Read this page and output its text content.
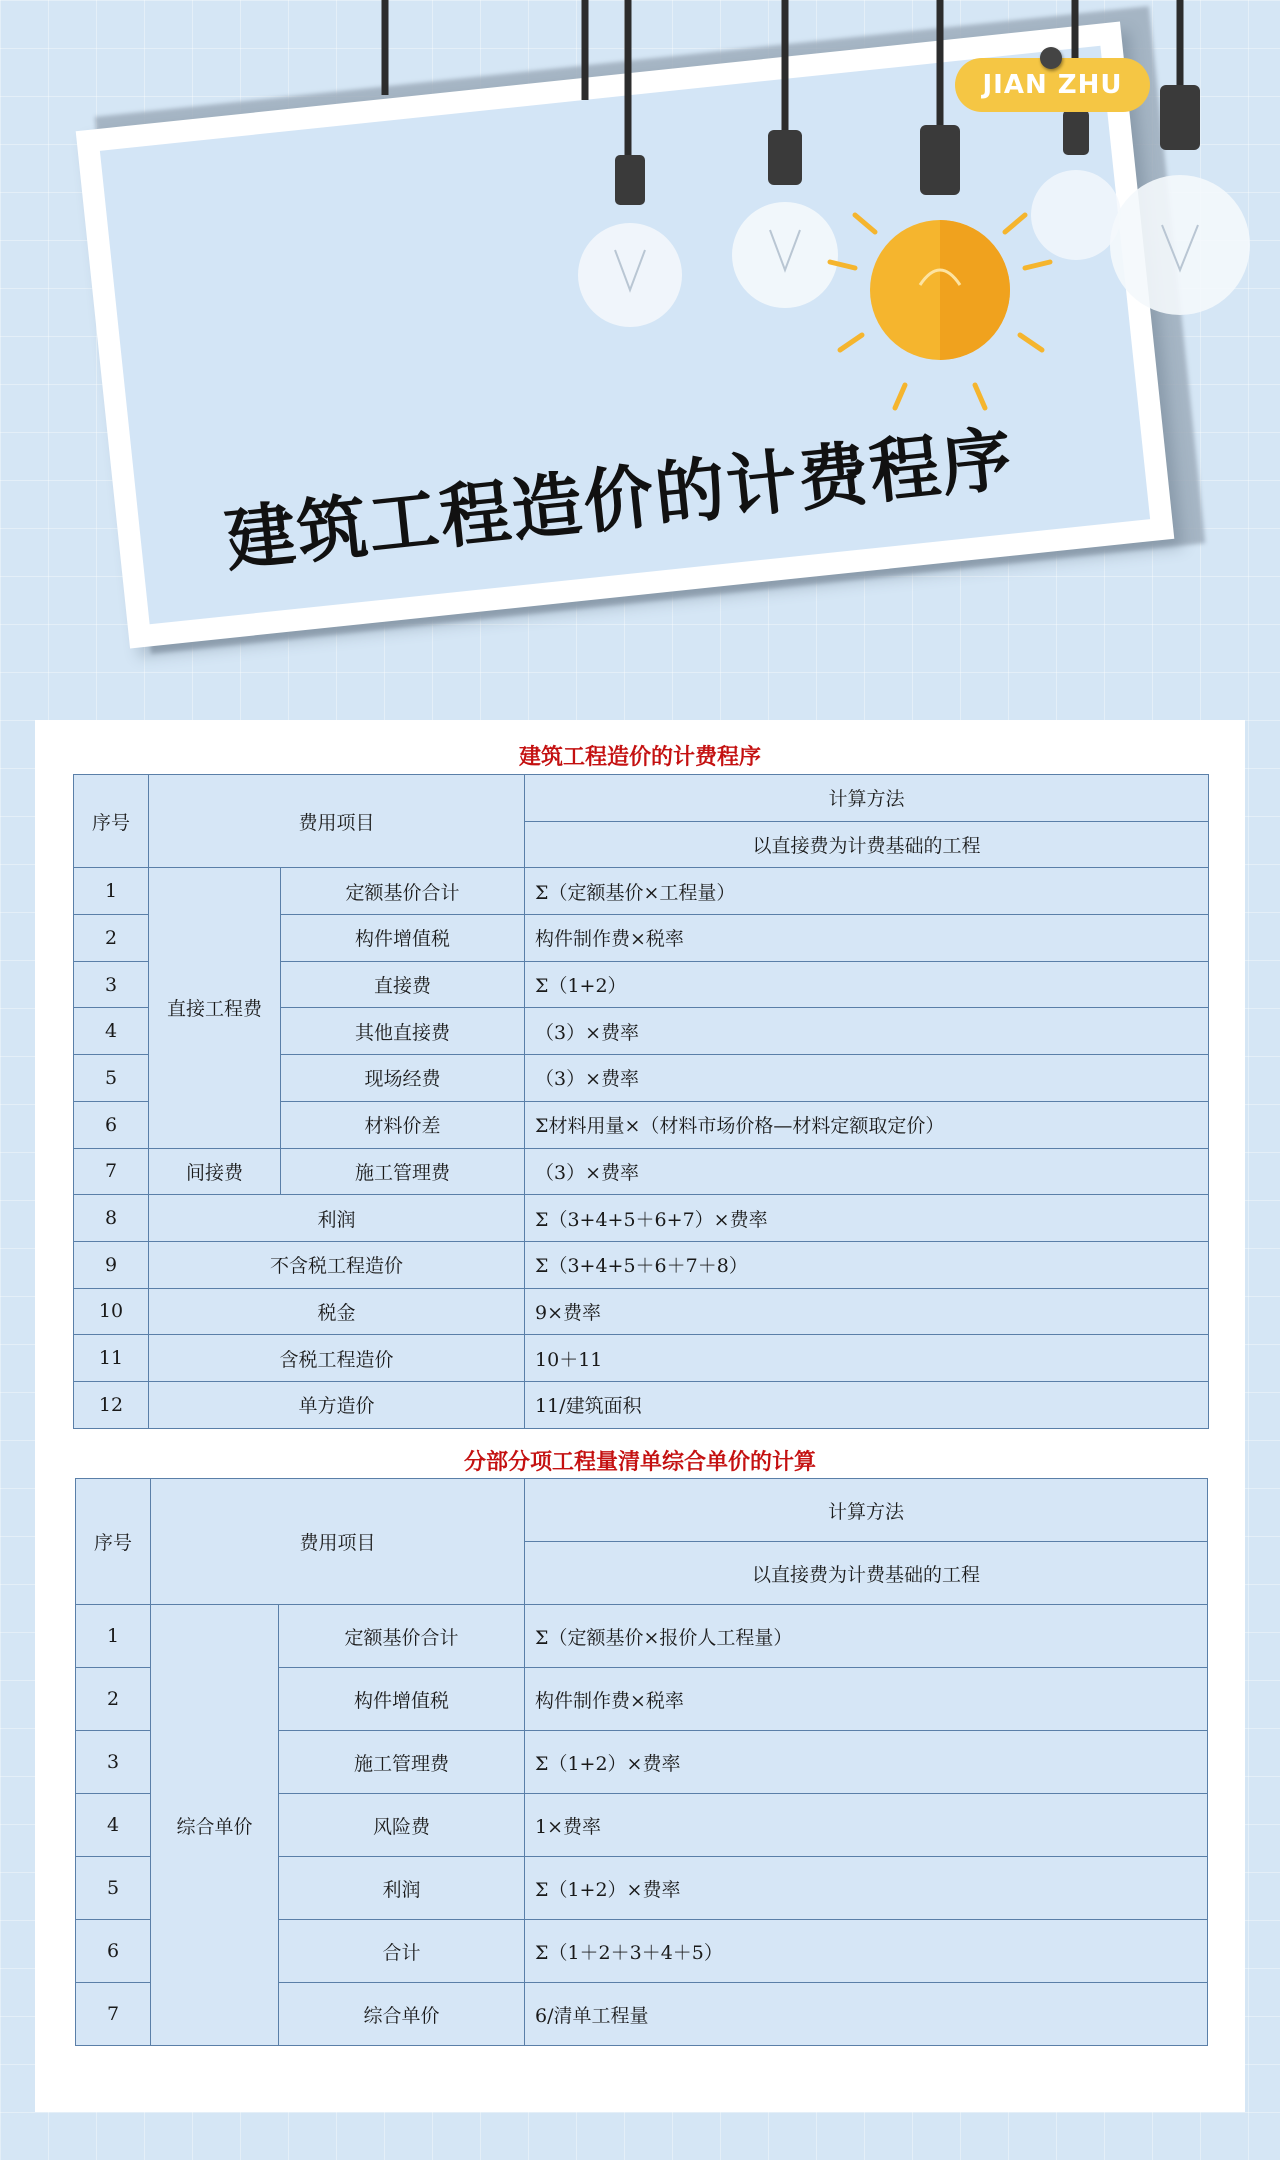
JIAN ZHU
建筑工程造价的计费程序
建筑工程造价的计费程序
序号	费用项目		计算方法
			以直接费为计费基础的工程
1	直接工程费	定额基价合计	Σ（定额基价×工程量）
2		构件增值税	构件制作费×税率
3		直接费	Σ（1+2）
4		其他直接费	（3）×费率
5		现场经费	（3）×费率
6		材料价差	Σ材料用量×（材料市场价格—材料定额取定价）
7	间接费	施工管理费	（3）×费率
8	利润		Σ（3+4+5＋6+7）×费率
9	不含税工程造价		Σ（3+4+5＋6＋7＋8）
10	税金		9×费率
11	含税工程造价		10＋11
12	单方造价		11/建筑面积
分部分项工程量清单综合单价的计算
序号	费用项目		计算方法
			以直接费为计费基础的工程
1	综合单价	定额基价合计	Σ（定额基价×报价人工程量）
2		构件增值税	构件制作费×税率
3		施工管理费	Σ（1+2）×费率
4		风险费	1×费率
5		利润	Σ（1+2）×费率
6		合计	Σ（1＋2＋3＋4＋5）
7		综合单价	6/清单工程量
